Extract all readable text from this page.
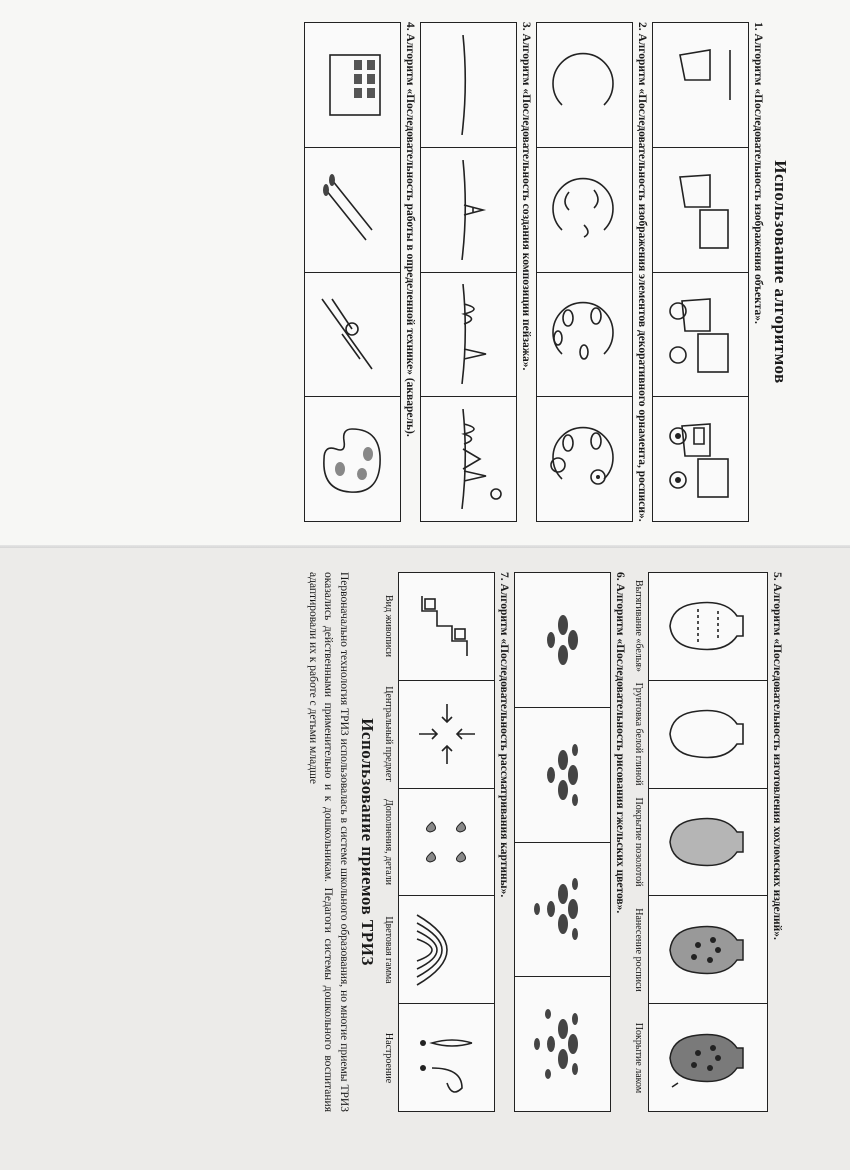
Использование алгоритмов
1. Алгоритм «Последовательность изображения объекта».
2. Алгоритм «Последовательность изображения элементов декоративного орнамента, росписи».
3. Алгоритм «Последовательность создания композиции пейзажа».
4. Алгоритм «Последовательность работы в определенной технике» (акварель).
5. Алгоритм «Последовательность изготовления хохломских изделий».
Вытягивание «белья»
Грунтовка белой глиной
Покрытие позолотой
Нанесение росписи
Покрытие лаком
6. Алгоритм «Последовательность рисования гжельских цветов».
7. Алгоритм «Последовательность рассматривания картины».
Вид живописи
Центральный предмет
Дополнения, детали
Цветовая гамма
Настроение
Использование приемов ТРИЗ

Первоначально технология ТРИЗ использовалась в системе школьного образования, но многие приемы ТРИЗ оказались действенными применительно и к дошкольникам. Педагоги системы дошкольного воспитания адаптировали их к работе с детьми младше
